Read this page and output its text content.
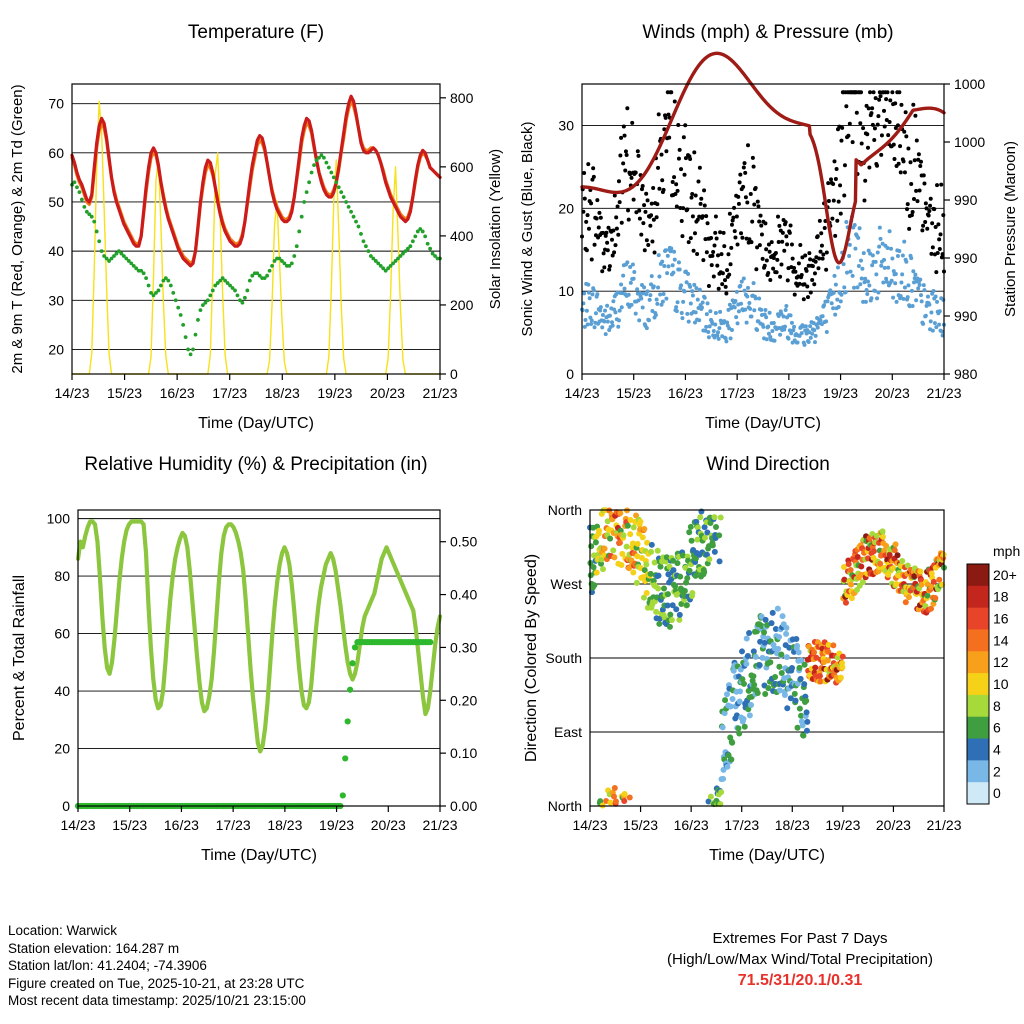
Temperature (F)
20
30
40
50
60
70
14/23 15/23 16/23 17/23 18/23 19/23 20/23 21/23
Time (Day/UTC)
0
200
400
600
800
2m & 9m T (Red, Orange) & 2m Td (Green)	Solar Insolation (Yellow)
Winds (mph) & Pressure (mb)
0
10
20
30
14/23 15/23 16/23 17/23 18/23 19/23 20/23 21/23
Time (Day/UTC)
980
990
990
990
1000
1000
Sonic Wind & Gust (Blue, Black)	Station Pressure (Maroon)
Relative Humidity (%) & Precipitation (in)
0
20
40
60
80
100
14/23 15/23 16/23 17/23 18/23 19/23 20/23 21/23
Time (Day/UTC)
0.00
0.10
0.20
0.30
0.40
0.50
Percent & Total Rainfall
Wind Direction
North
West
South
East
North
14/23 15/23 16/23 17/23 18/23 19/23 20/23 21/23
Time (Day/UTC)
Direction (Colored By Speed)	20+
18
16
14
12
10
8
6
4
2
0
mph
Location: Warwick
Station elevation: 164.287 m
Station lat/lon: 41.2404; -74.3906
Figure created on Tue, 2025-10-21, at 23:28 UTC
Most recent data timestamp: 2025/10/21 23:15:00
Extremes For Past 7 Days
(High/Low/Max Wind/Total Precipitation)
71.5/31/20.1/0.31
